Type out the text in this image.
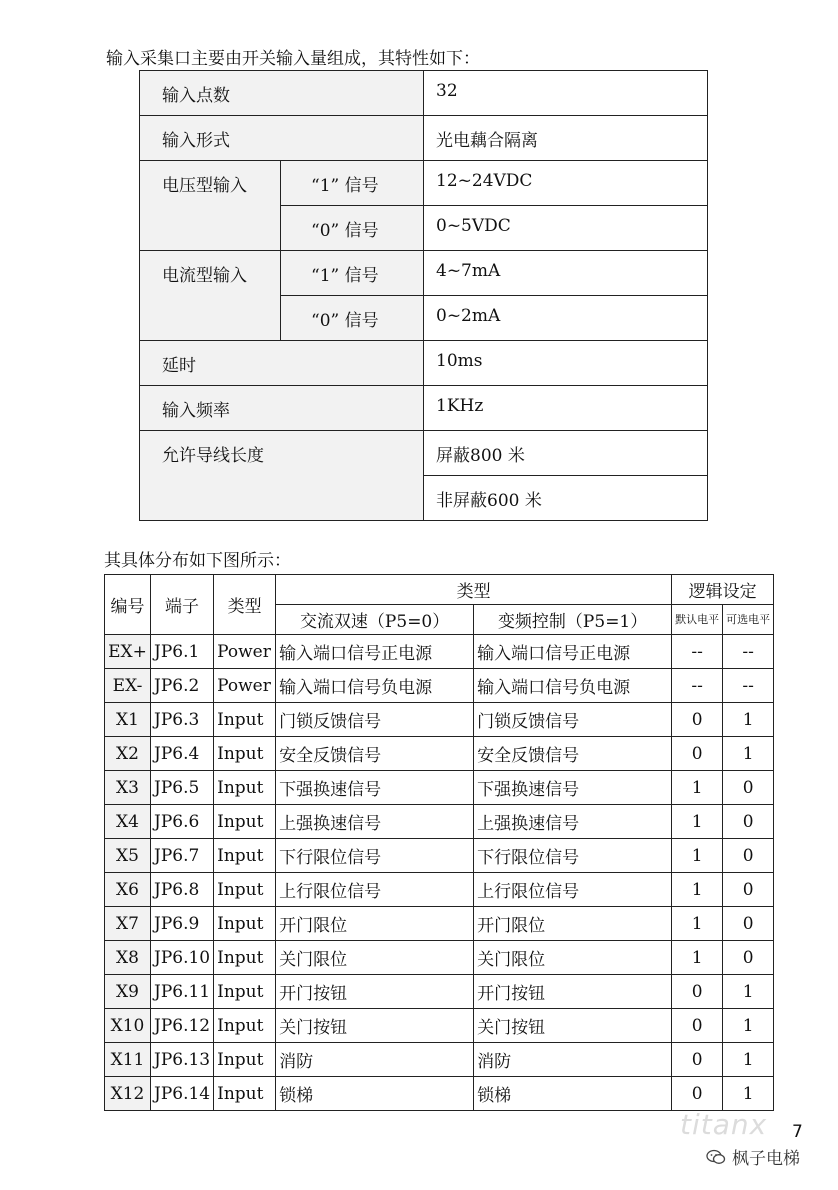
输入采集口主要由开关输入量组成，其特性如下：
输入点数		32

输入形式		光电藕合隔离

电压型输入	“1” 信号	12~24VDC

	“0” 信号	0~5VDC

电流型输入	“1” 信号	4~7mA

	“0” 信号	0~2mA

延时		10ms

输入频率		1KHz

允许导线长度		屏蔽800 米

		非屏蔽600 米
其具体分布如下图所示：
编号	端子	类型	类型		逻辑设定	
			交流双速（P5=0）	变频控制（P5=1）	默认电平	可选电平

EX+	JP6.1	Power	输入端口信号正电源	输入端口信号正电源	--	--
EX-	JP6.2	Power	输入端口信号负电源	输入端口信号负电源	--	--
X1	JP6.3	Input	门锁反馈信号	门锁反馈信号	0	1
X2	JP6.4	Input	安全反馈信号	安全反馈信号	0	1
X3	JP6.5	Input	下强换速信号	下强换速信号	1	0
X4	JP6.6	Input	上强换速信号	上强换速信号	1	0
X5	JP6.7	Input	下行限位信号	下行限位信号	1	0
X6	JP6.8	Input	上行限位信号	上行限位信号	1	0
X7	JP6.9	Input	开门限位	开门限位	1	0
X8	JP6.10	Input	关门限位	关门限位	1	0
X9	JP6.11	Input	开门按钮	开门按钮	0	1
X10	JP6.12	Input	关门按钮	关门按钮	0	1
X11	JP6.13	Input	消防	消防	0	1
X12	JP6.14	Input	锁梯	锁梯	0	1
titanx 7
枫子电梯
